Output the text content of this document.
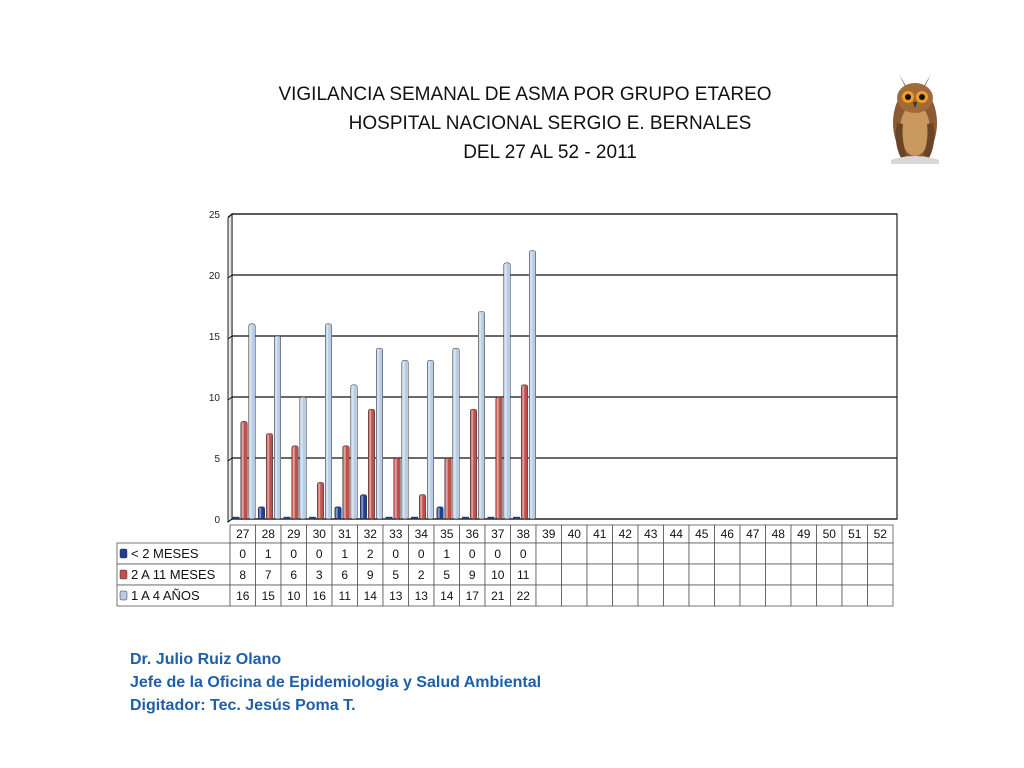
VIGILANCIA SEMANAL DE ASMA POR GRUPO ETAREO
HOSPITAL NACIONAL SERGIO E. BERNALES
DEL 27 AL 52 - 2011
0
5
10
15
20
25
27 28 29 30 31 32 33 34 35 36 37 38 39 40 41 42 43 44 45 46 47 48 49 50 51 52
< 2 MESES	0 1 0 0 1 2 0 0 1 0 0 0
2 A 11 MESES 8 7 6 3 6 9 5 2 5 9 10 11
1 A 4 AÑOS	16 15 10 16 11 14 13 13 14 17 21 22
Dr. Julio Ruiz Olano
Jefe de la Oficina de Epidemiologia y Salud Ambiental
Digitador: Tec. Jesús Poma T.
